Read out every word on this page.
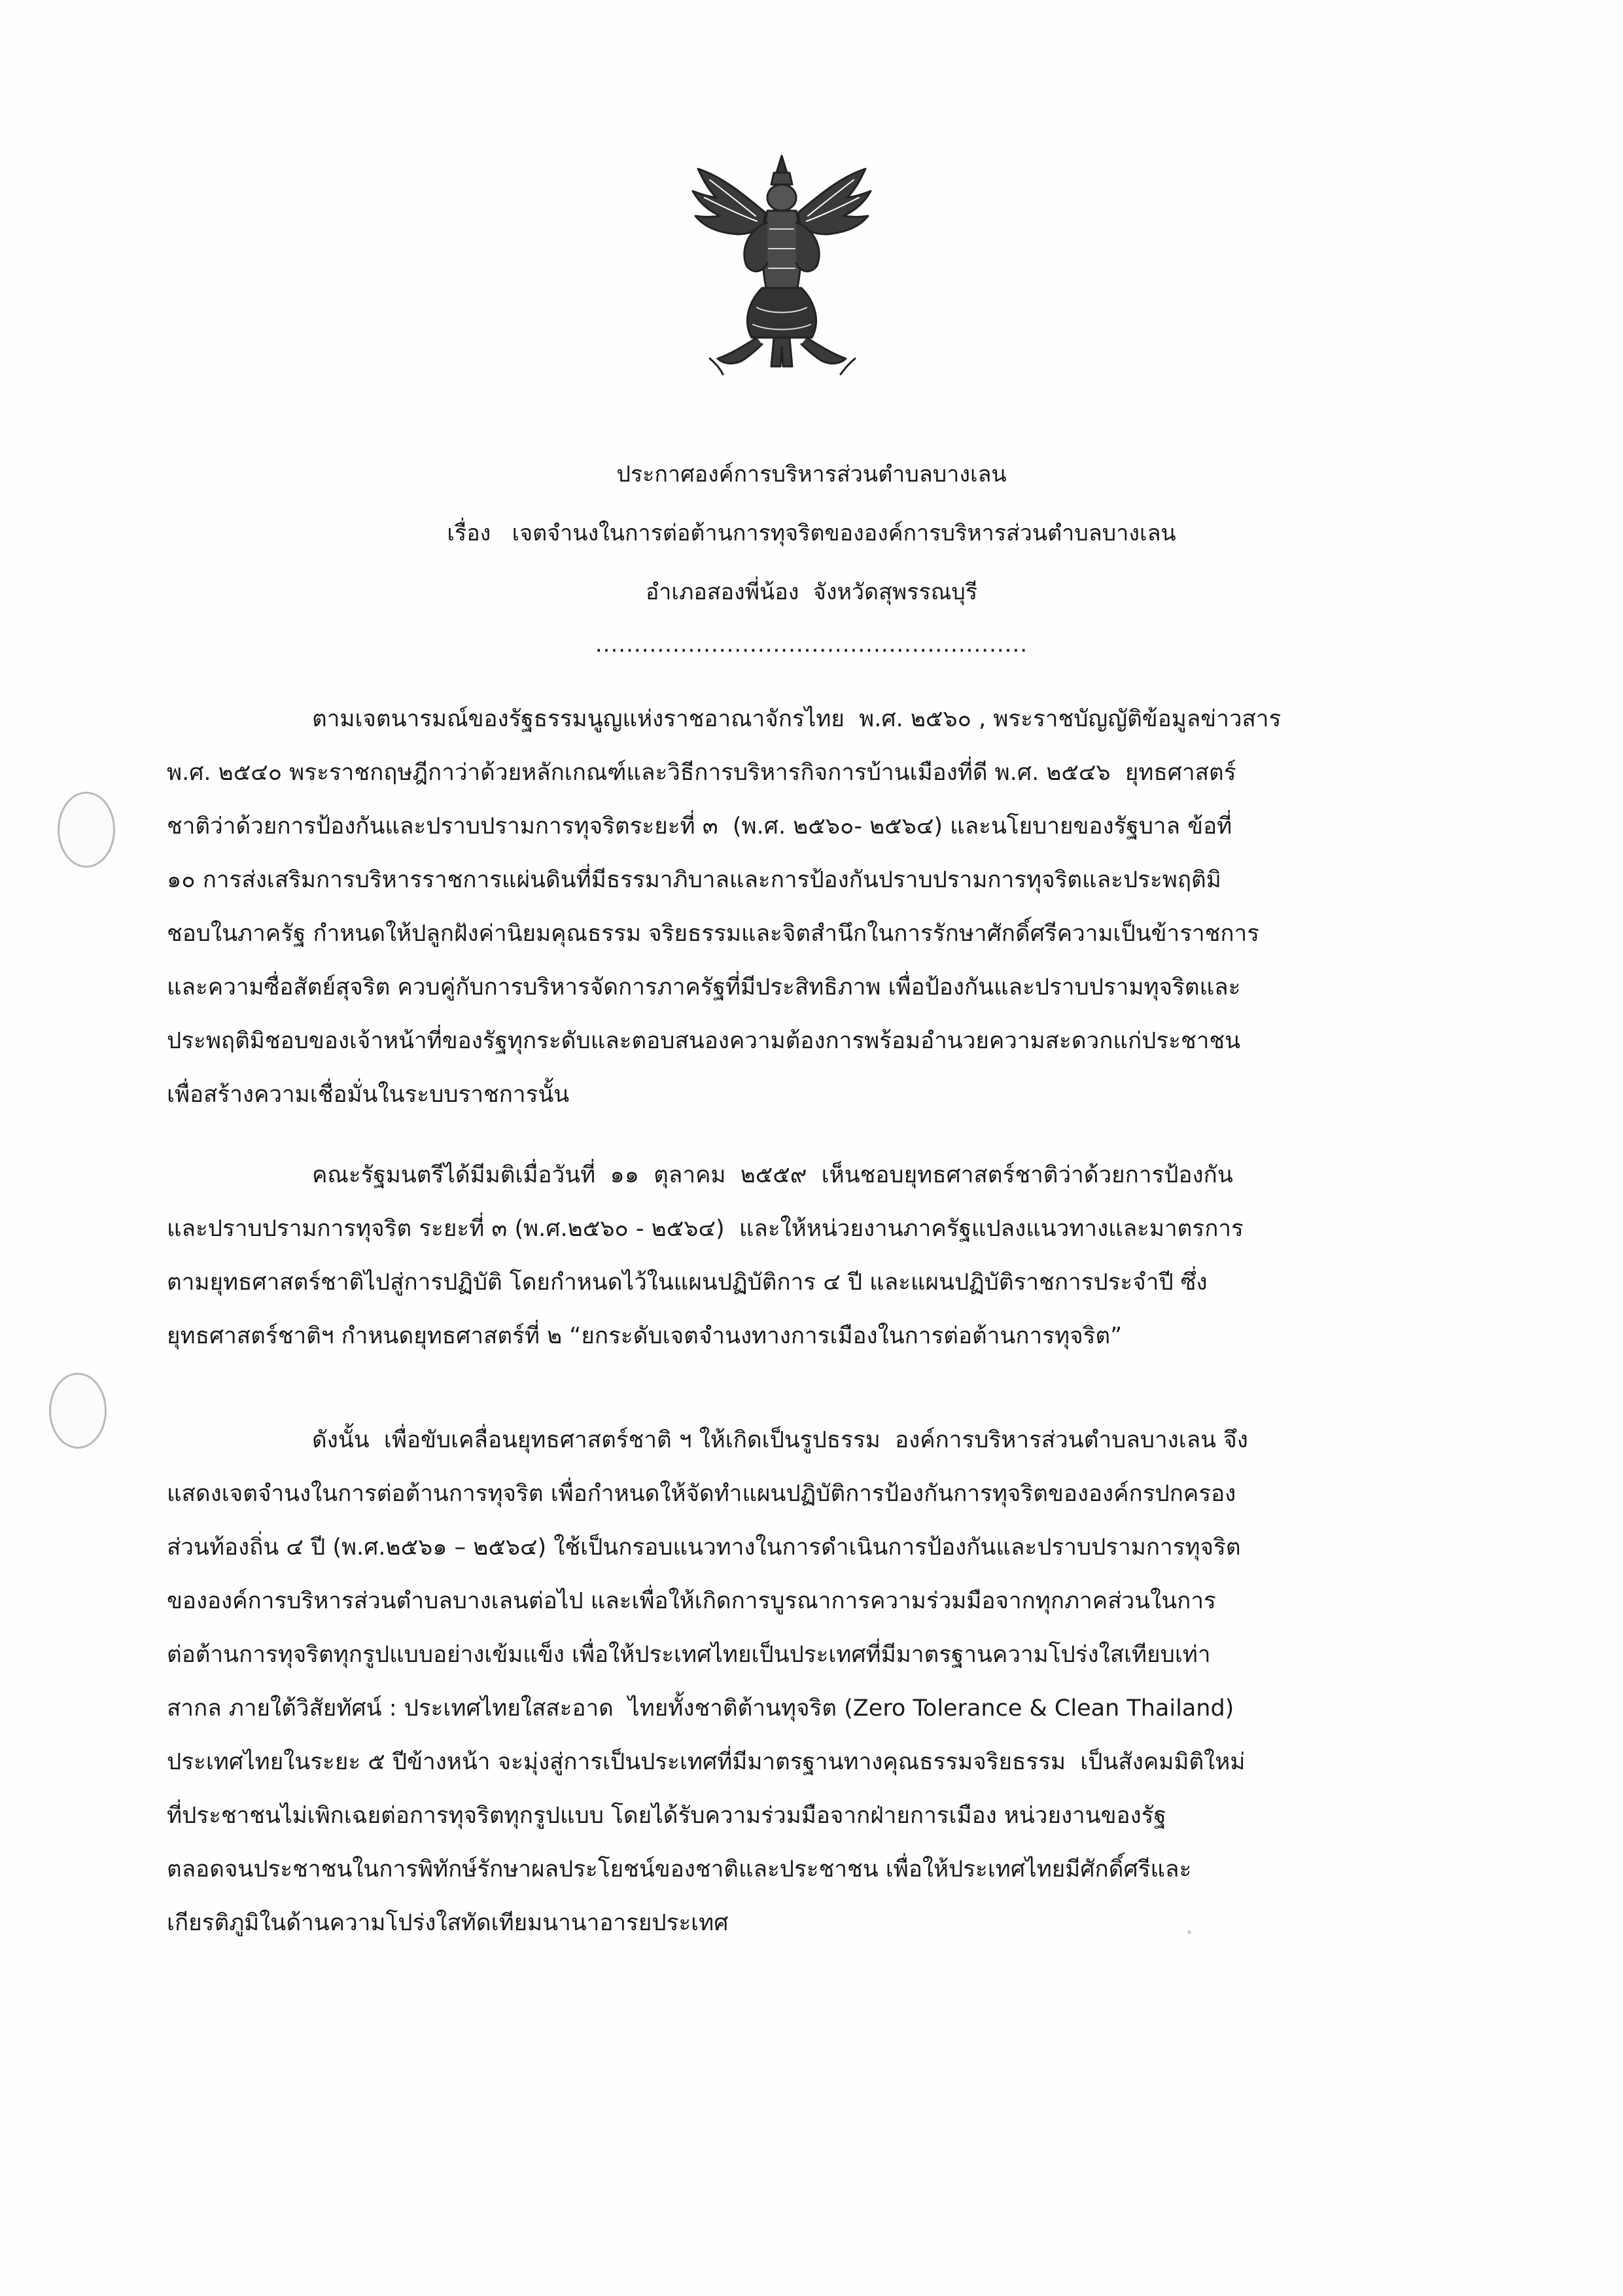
ประกาศองค์การบริหารส่วนตำบลบางเลน
เรื่อง   เจตจำนงในการต่อต้านการทุจริตขององค์การบริหารส่วนตำบลบางเลน
อำเภอสองพี่น้อง  จังหวัดสุพรรณบุรี
........................................................
ตามเจตนารมณ์ของรัฐธรรมนูญแห่งราชอาณาจักรไทย  พ.ศ. ๒๕๖๐ , พระราชบัญญัติข้อมูลข่าวสาร
พ.ศ. ๒๕๔๐ พระราชกฤษฎีกาว่าด้วยหลักเกณฑ์และวิธีการบริหารกิจการบ้านเมืองที่ดี พ.ศ. ๒๕๔๖  ยุทธศาสตร์
ชาติว่าด้วยการป้องกันและปราบปรามการทุจริตระยะที่ ๓  (พ.ศ. ๒๕๖๐- ๒๕๖๔) และนโยบายของรัฐบาล ข้อที่
๑๐ การส่งเสริมการบริหารราชการแผ่นดินที่มีธรรมาภิบาลและการป้องกันปราบปรามการทุจริตและประพฤติมิ
ชอบในภาครัฐ กำหนดให้ปลูกฝังค่านิยมคุณธรรม จริยธรรมและจิตสำนึกในการรักษาศักดิ์ศรีความเป็นข้าราชการ
และความซื่อสัตย์สุจริต ควบคู่กับการบริหารจัดการภาครัฐที่มีประสิทธิภาพ เพื่อป้องกันและปราบปรามทุจริตและ
ประพฤติมิชอบของเจ้าหน้าที่ของรัฐทุกระดับและตอบสนองความต้องการพร้อมอำนวยความสะดวกแก่ประชาชน
เพื่อสร้างความเชื่อมั่นในระบบราชการนั้น
คณะรัฐมนตรีได้มีมติเมื่อวันที่  ๑๑  ตุลาคม  ๒๕๕๙  เห็นชอบยุทธศาสตร์ชาติว่าด้วยการป้องกัน
และปราบปรามการทุจริต ระยะที่ ๓ (พ.ศ.๒๕๖๐ - ๒๕๖๔)  และให้หน่วยงานภาครัฐแปลงแนวทางและมาตรการ
ตามยุทธศาสตร์ชาติไปสู่การปฏิบัติ โดยกำหนดไว้ในแผนปฏิบัติการ ๔ ปี และแผนปฏิบัติราชการประจำปี ซึ่ง
ยุทธศาสตร์ชาติฯ กำหนดยุทธศาสตร์ที่ ๒ “ยกระดับเจตจำนงทางการเมืองในการต่อต้านการทุจริต”
ดังนั้น  เพื่อขับเคลื่อนยุทธศาสตร์ชาติ ฯ ให้เกิดเป็นรูปธรรม  องค์การบริหารส่วนตำบลบางเลน จึง
แสดงเจตจำนงในการต่อต้านการทุจริต เพื่อกำหนดให้จัดทำแผนปฏิบัติการป้องกันการทุจริตขององค์กรปกครอง
ส่วนท้องถิ่น ๔ ปี (พ.ศ.๒๕๖๑ – ๒๕๖๔) ใช้เป็นกรอบแนวทางในการดำเนินการป้องกันและปราบปรามการทุจริต
ขององค์การบริหารส่วนตำบลบางเลนต่อไป และเพื่อให้เกิดการบูรณาการความร่วมมือจากทุกภาคส่วนในการ
ต่อต้านการทุจริตทุกรูปแบบอย่างเข้มแข็ง เพื่อให้ประเทศไทยเป็นประเทศที่มีมาตรฐานความโปร่งใสเทียบเท่า
สากล ภายใต้วิสัยทัศน์ : ประเทศไทยใสสะอาด  ไทยทั้งชาติต้านทุจริต (Zero Tolerance & Clean Thailand)
ประเทศไทยในระยะ ๕ ปีข้างหน้า จะมุ่งสู่การเป็นประเทศที่มีมาตรฐานทางคุณธรรมจริยธรรม  เป็นสังคมมิติใหม่
ที่ประชาชนไม่เพิกเฉยต่อการทุจริตทุกรูปแบบ โดยได้รับความร่วมมือจากฝ่ายการเมือง หน่วยงานของรัฐ
ตลอดจนประชาชนในการพิทักษ์รักษาผลประโยชน์ของชาติและประชาชน เพื่อให้ประเทศไทยมีศักดิ์ศรีและ
เกียรติภูมิในด้านความโปร่งใสทัดเทียมนานาอารยประเทศ
